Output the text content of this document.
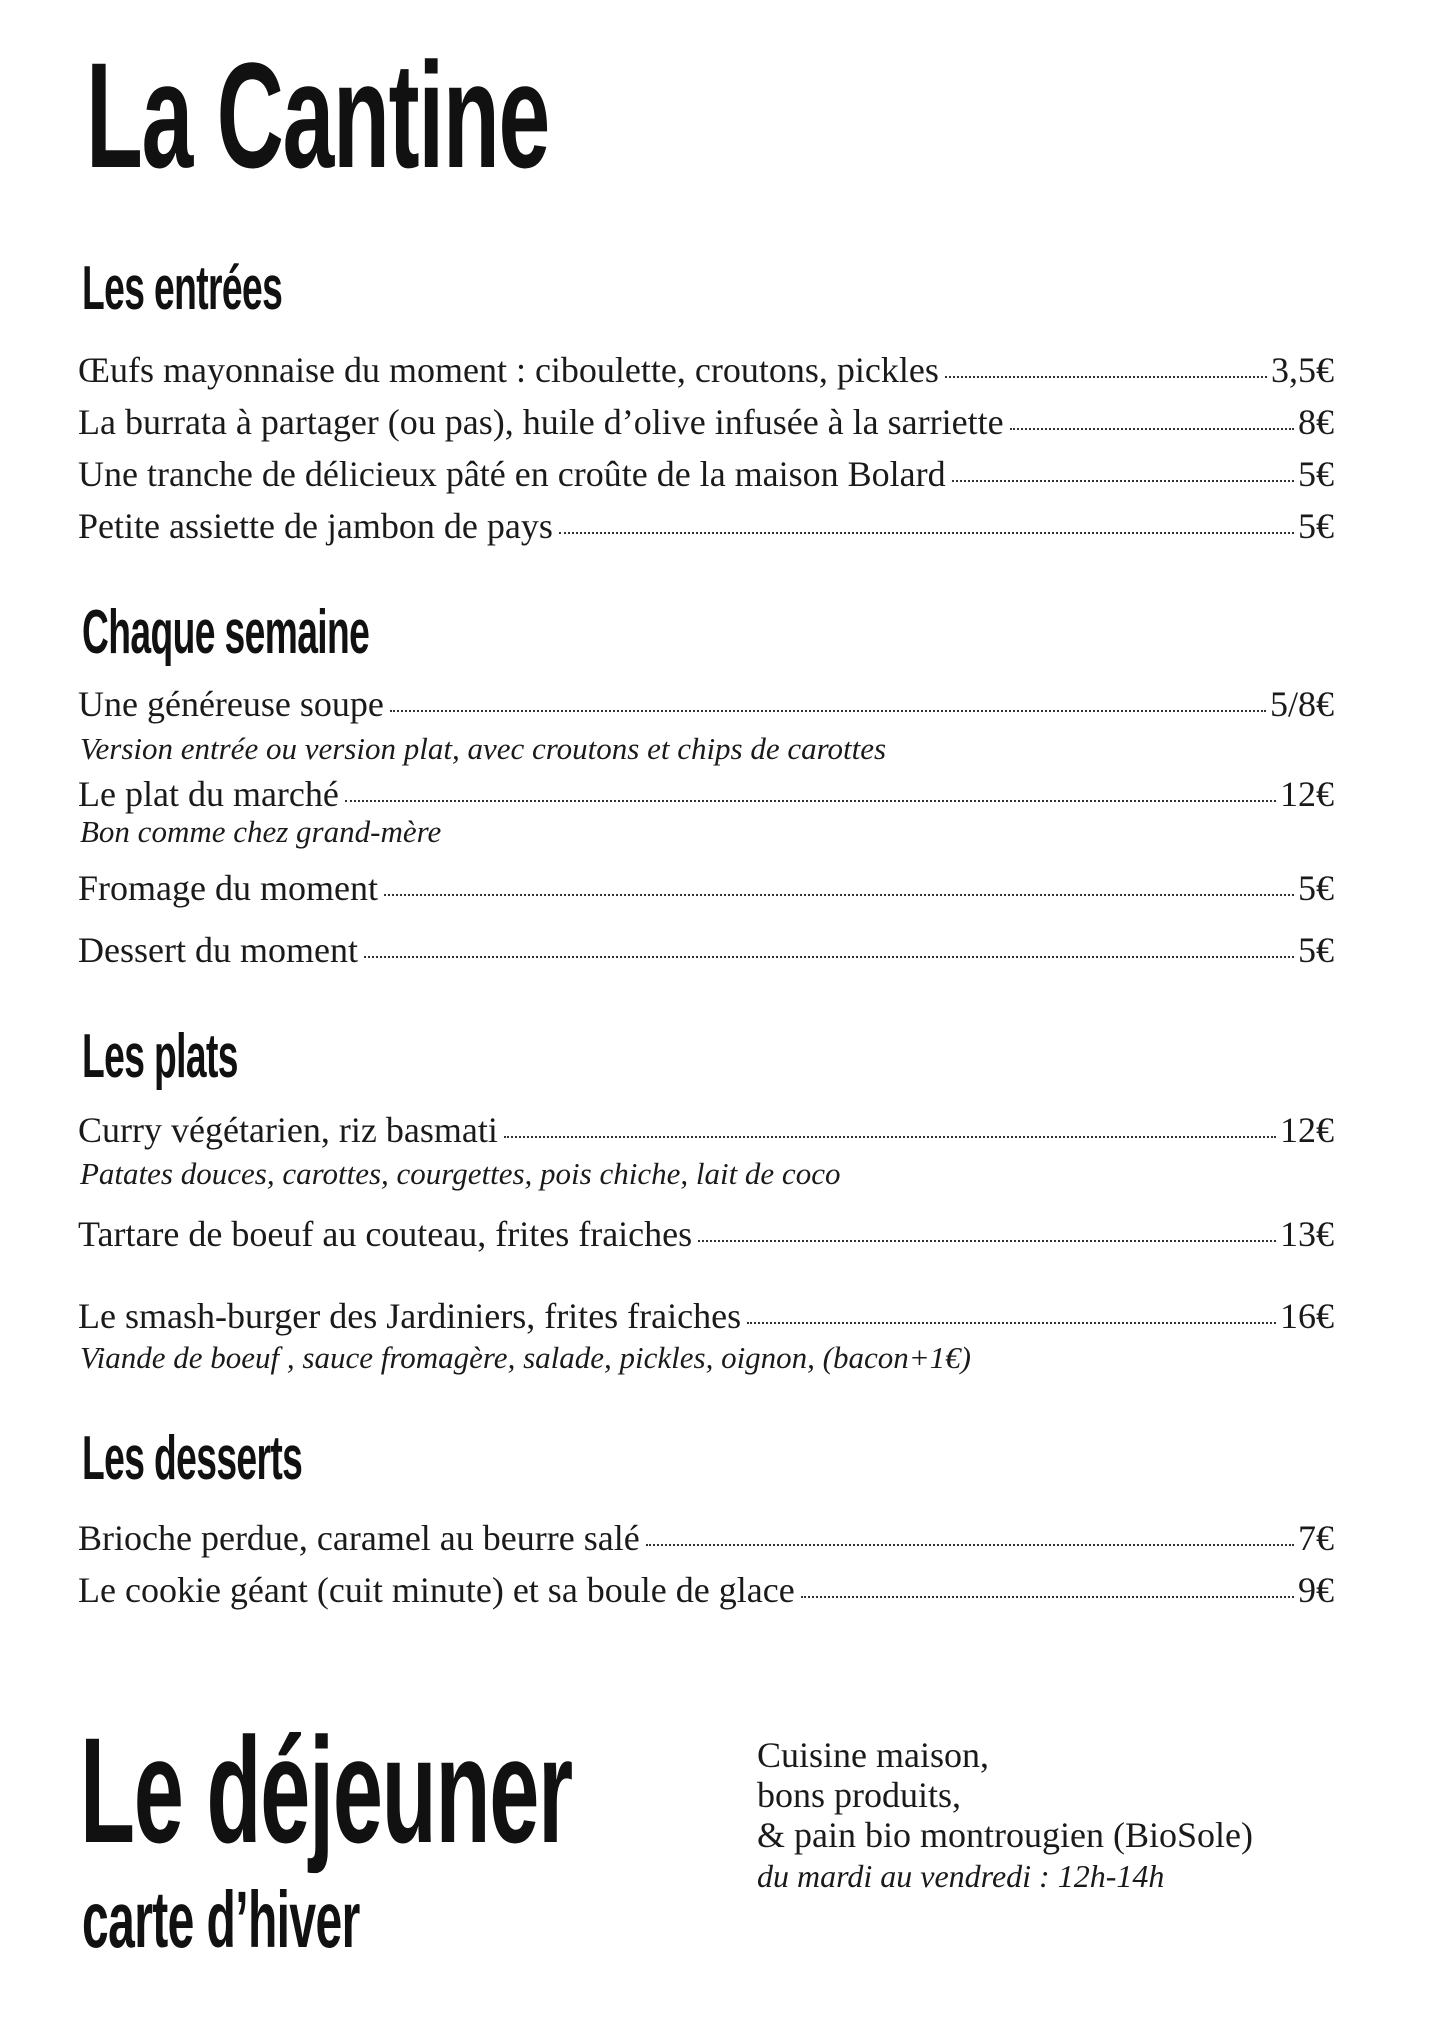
La Cantine
Les entrées
Œufs mayonnaise du moment : ciboulette, croutons, pickles	3,5€
La burrata à partager (ou pas), huile d’olive infusée à la sarriette	8€
Une tranche de délicieux pâté en croûte de la maison Bolard	5€
Petite assiette de jambon de pays	5€
Chaque semaine
Une généreuse soupe	5/8€
Version entrée ou version plat, avec croutons et chips de carottes
Le plat du marché	12€
Bon comme chez grand-mère
Fromage du moment	5€
Dessert du moment	5€
Les plats
Curry végétarien, riz basmati	12€
Patates douces, carottes, courgettes, pois chiche, lait de coco
Tartare de boeuf au couteau, frites fraiches	13€
Le smash-burger des Jardiniers, frites fraiches	16€
Viande de boeuf , sauce fromagère, salade, pickles, oignon, (bacon+1€)
Les desserts
Brioche perdue, caramel au beurre salé	7€
Le cookie géant (cuit minute) et sa boule de glace	9€
Le déjeuner
carte d’hiver
Cuisine maison,
bons produits,
& pain bio montrougien (BioSole)
du mardi au vendredi : 12h-14h
